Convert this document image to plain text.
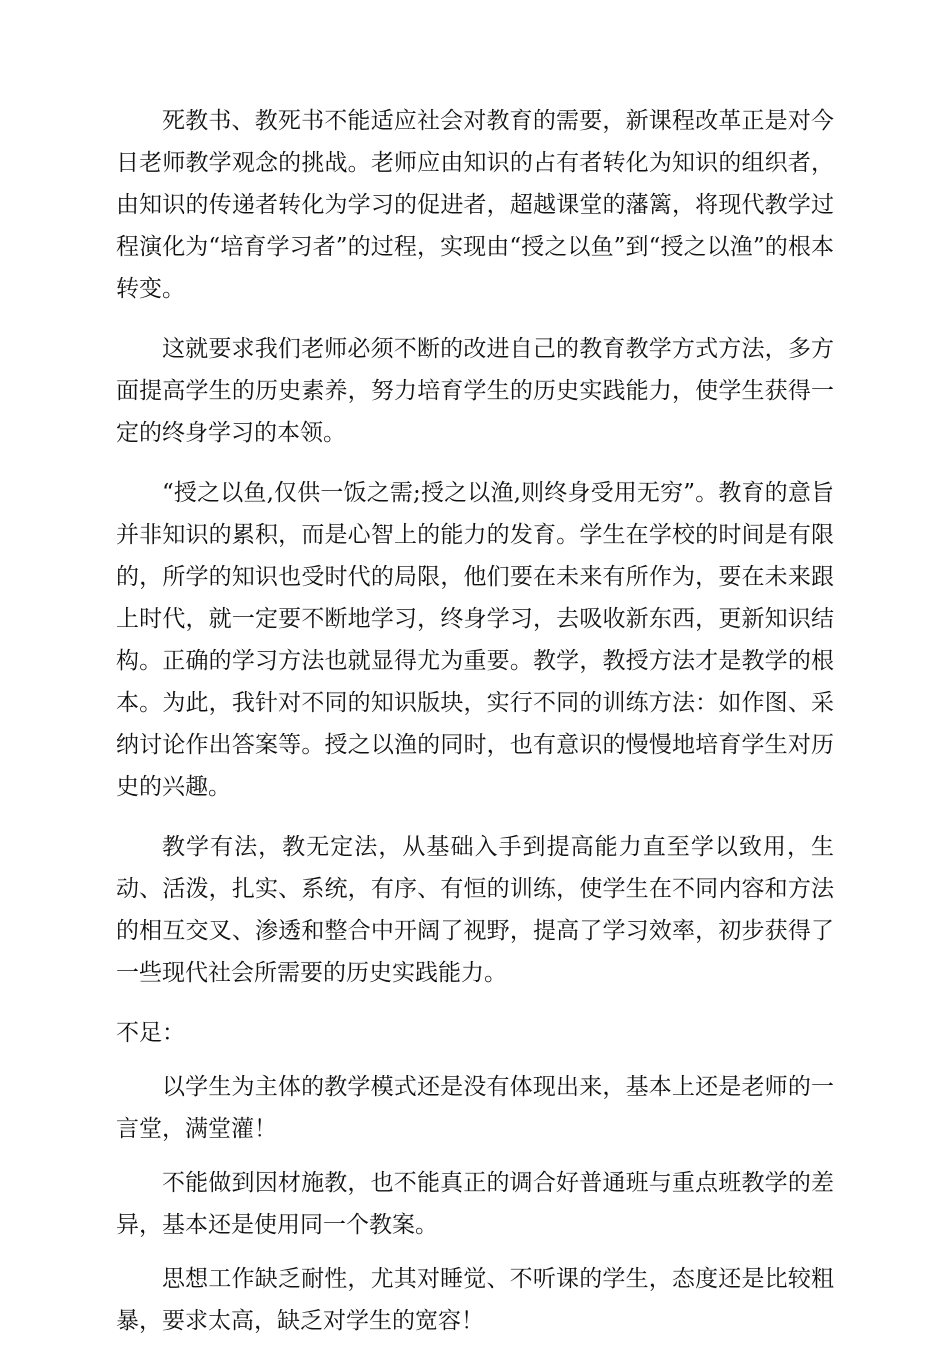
死教书、教死书不能适应社会对教育的需要，新课程改革正是对今日老师教学观念的挑战。老师应由知识的占有者转化为知识的组织者，由知识的传递者转化为学习的促进者，超越课堂的藩篱，将现代教学过程演化为“培育学习者”的过程，实现由“授之以鱼”到“授之以渔”的根本转变。

这就要求我们老师必须不断的改进自己的教育教学方式方法，多方面提高学生的历史素养，努力培育学生的历史实践能力，使学生获得一定的终身学习的本领。

“授之以鱼,仅供一饭之需;授之以渔,则终身受用无穷”。教育的意旨并非知识的累积，而是心智上的能力的发育。学生在学校的时间是有限的，所学的知识也受时代的局限，他们要在未来有所作为，要在未来跟上时代，就一定要不断地学习，终身学习，去吸收新东西，更新知识结构。正确的学习方法也就显得尤为重要。教学，教授方法才是教学的根本。为此，我针对不同的知识版块，实行不同的训练方法：如作图、采纳讨论作出答案等。授之以渔的同时，也有意识的慢慢地培育学生对历史的兴趣。

教学有法，教无定法，从基础入手到提高能力直至学以致用，生动、活泼，扎实、系统，有序、有恒的训练，使学生在不同内容和方法的相互交叉、渗透和整合中开阔了视野，提高了学习效率，初步获得了一些现代社会所需要的历史实践能力。

不足：

以学生为主体的教学模式还是没有体现出来，基本上还是老师的一言堂，满堂灌！

不能做到因材施教，也不能真正的调合好普通班与重点班教学的差异，基本还是使用同一个教案。

思想工作缺乏耐性，尤其对睡觉、不听课的学生，态度还是比较粗暴，要求太高，缺乏对学生的宽容！
